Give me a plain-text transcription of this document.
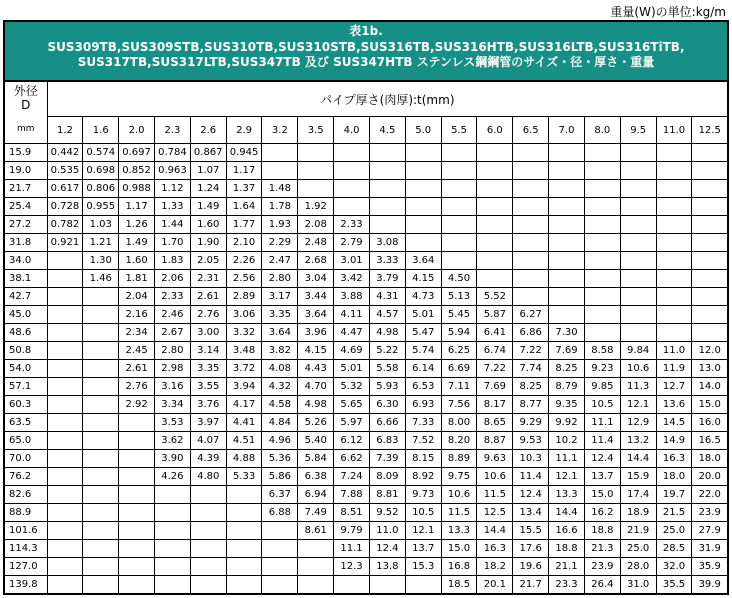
重量(W)の単位:kg/m
表1b.
SUS309TB,SUS309STB,SUS310TB,SUS310STB,SUS316TB,SUS316HTB,SUS316LTB,SUS316TiTB,
SUS317TB,SUS317LTB,SUS347TB 及び SUS347HTB ステンレス鋼鋼管のサイズ・径・厚さ・重量
外径
D
mm	パイプ厚さ(肉厚):t(mm)																		
	1.2	1.6	2.0	2.3	2.6	2.9	3.2	3.5	4.0	4.5	5.0	5.5	6.0	6.5	7.0	8.0	9.5	11.0	12.5
15.9	0.442	0.574	0.697	0.784	0.867	0.945													
19.0	0.535	0.698	0.852	0.963	1.07	1.17													
21.7	0.617	0.806	0.988	1.12	1.24	1.37	1.48												
25.4	0.728	0.955	1.17	1.33	1.49	1.64	1.78	1.92											
27.2	0.782	1.03	1.26	1.44	1.60	1.77	1.93	2.08	2.33										
31.8	0.921	1.21	1.49	1.70	1.90	2.10	2.29	2.48	2.79	3.08									
34.0		1.30	1.60	1.83	2.05	2.26	2.47	2.68	3.01	3.33	3.64								
38.1		1.46	1.81	2.06	2.31	2.56	2.80	3.04	3.42	3.79	4.15	4.50							
42.7			2.04	2.33	2.61	2.89	3.17	3.44	3.88	4.31	4.73	5.13	5.52						
45.0			2.16	2.46	2.76	3.06	3.35	3.64	4.11	4.57	5.01	5.45	5.87	6.27					
48.6			2.34	2.67	3.00	3.32	3.64	3.96	4.47	4.98	5.47	5.94	6.41	6.86	7.30				
50.8			2.45	2.80	3.14	3.48	3.82	4.15	4.69	5.22	5.74	6.25	6.74	7.22	7.69	8.58	9.84	11.0	12.0
54.0			2.61	2.98	3.35	3.72	4.08	4.43	5.01	5.58	6.14	6.69	7.22	7.74	8.25	9.23	10.6	11.9	13.0
57.1			2.76	3.16	3.55	3.94	4.32	4.70	5.32	5.93	6.53	7.11	7.69	8.25	8.79	9.85	11.3	12.7	14.0
60.3			2.92	3.34	3.76	4.17	4.58	4.98	5.65	6.30	6.93	7.56	8.17	8.77	9.35	10.5	12.1	13.6	15.0
63.5				3.53	3.97	4.41	4.84	5.26	5.97	6.66	7.33	8.00	8.65	9.29	9.92	11.1	12.9	14.5	16.0
65.0				3.62	4.07	4.51	4.96	5.40	6.12	6.83	7.52	8.20	8.87	9.53	10.2	11.4	13.2	14.9	16.5
70.0				3.90	4.39	4.88	5.36	5.84	6.62	7.39	8.15	8.89	9.63	10.3	11.1	12.4	14.4	16.3	18.0
76.2				4.26	4.80	5.33	5.86	6.38	7.24	8.09	8.92	9.75	10.6	11.4	12.1	13.7	15.9	18.0	20.0
82.6							6.37	6.94	7.88	8.81	9.73	10.6	11.5	12.4	13.3	15.0	17.4	19.7	22.0
88.9							6.88	7.49	8.51	9.52	10.5	11.5	12.5	13.4	14.4	16.2	18.9	21.5	23.9
101.6								8.61	9.79	11.0	12.1	13.3	14.4	15.5	16.6	18.8	21.9	25.0	27.9
114.3									11.1	12.4	13.7	15.0	16.3	17.6	18.8	21.3	25.0	28.5	31.9
127.0									12.3	13.8	15.3	16.8	18.2	19.6	21.1	23.9	28.0	32.0	35.9
139.8												18.5	20.1	21.7	23.3	26.4	31.0	35.5	39.9
